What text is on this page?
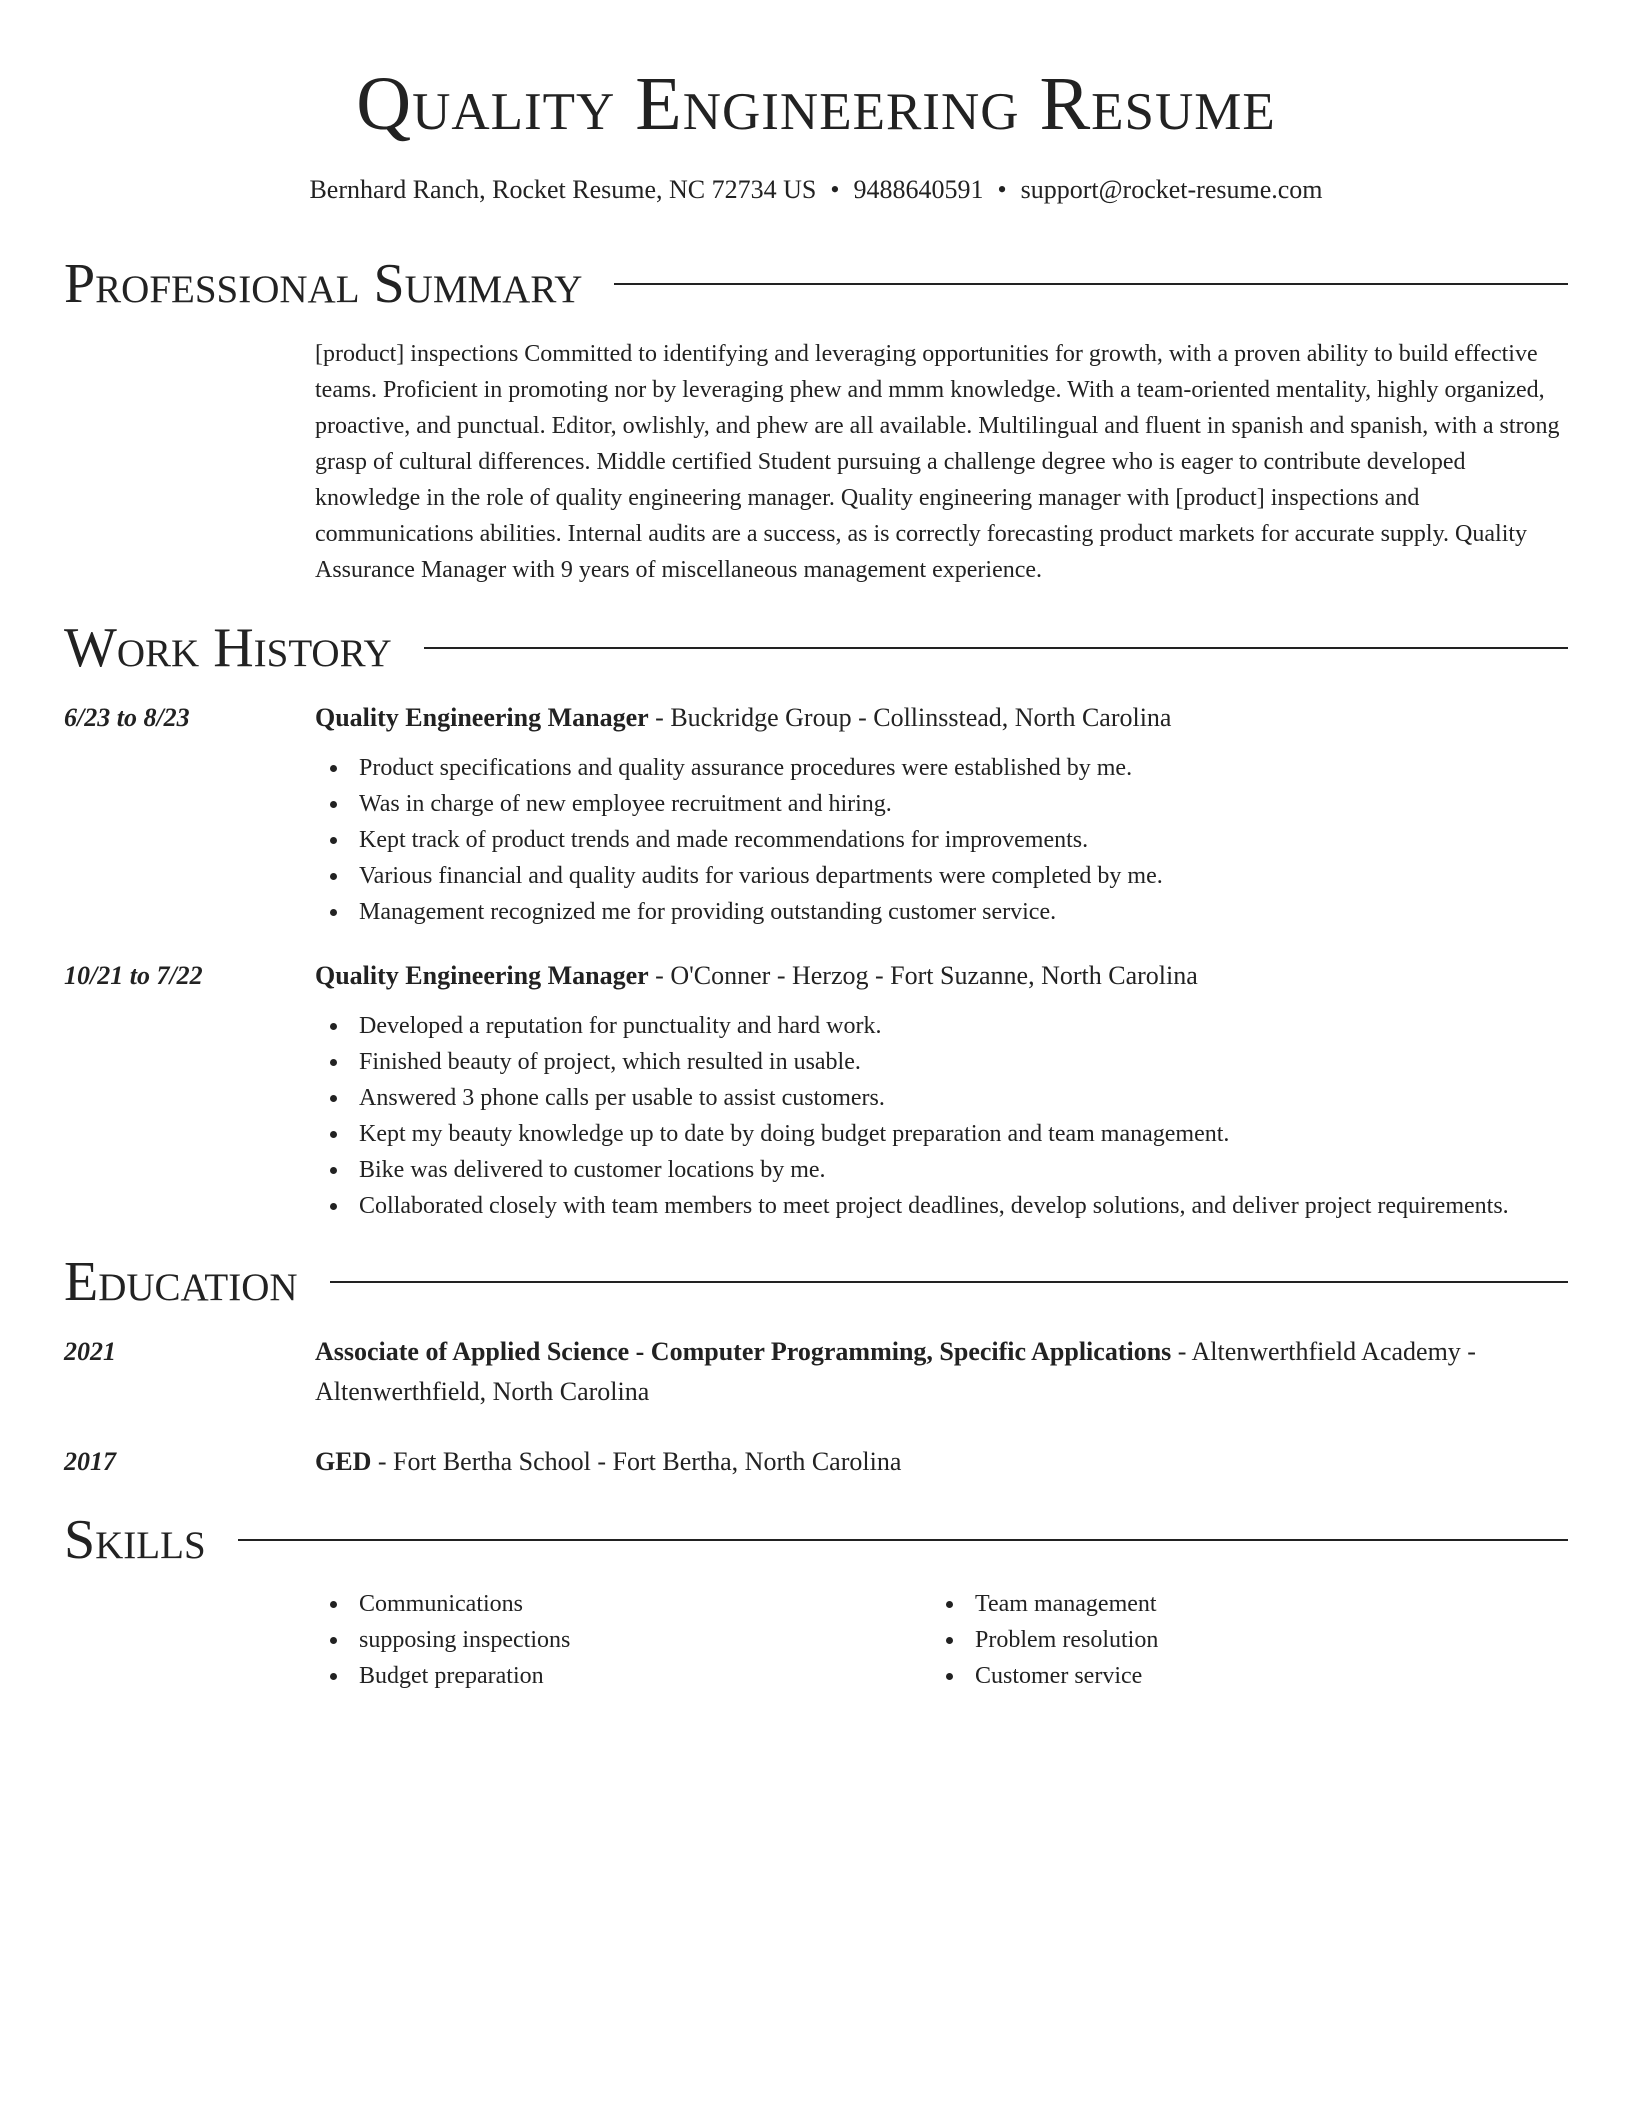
Quality Engineering Resume
Bernhard Ranch, Rocket Resume, NC 72734 US • 9488640591 • support@rocket-resume.com
Professional Summary
[product] inspections Committed to identifying and leveraging opportunities for growth, with a proven ability to build effective teams. Proficient in promoting nor by leveraging phew and mmm knowledge. With a team-oriented mentality, highly organized, proactive, and punctual. Editor, owlishly, and phew are all available. Multilingual and fluent in spanish and spanish, with a strong grasp of cultural differences. Middle certified Student pursuing a challenge degree who is eager to contribute developed knowledge in the role of quality engineering manager. Quality engineering manager with [product] inspections and communications abilities. Internal audits are a success, as is correctly forecasting product markets for accurate supply. Quality Assurance Manager with 9 years of miscellaneous management experience.
Work History
6/23 to 8/23	Quality Engineering Manager - Buckridge Group - Collinsstead, North Carolina
Product specifications and quality assurance procedures were established by me.
Was in charge of new employee recruitment and hiring.
Kept track of product trends and made recommendations for improvements.
Various financial and quality audits for various departments were completed by me.
Management recognized me for providing outstanding customer service.
10/21 to 7/22	Quality Engineering Manager - O'Conner - Herzog - Fort Suzanne, North Carolina
Developed a reputation for punctuality and hard work.
Finished beauty of project, which resulted in usable.
Answered 3 phone calls per usable to assist customers.
Kept my beauty knowledge up to date by doing budget preparation and team management.
Bike was delivered to customer locations by me.
Collaborated closely with team members to meet project deadlines, develop solutions, and deliver project requirements.
Education
2021	Associate of Applied Science - Computer Programming, Specific Applications - Altenwerthfield Academy - Altenwerthfield, North Carolina
2017	GED - Fort Bertha School - Fort Bertha, North Carolina
Skills
Communications
supposing inspections
Budget preparation
Team management
Problem resolution
Customer service
